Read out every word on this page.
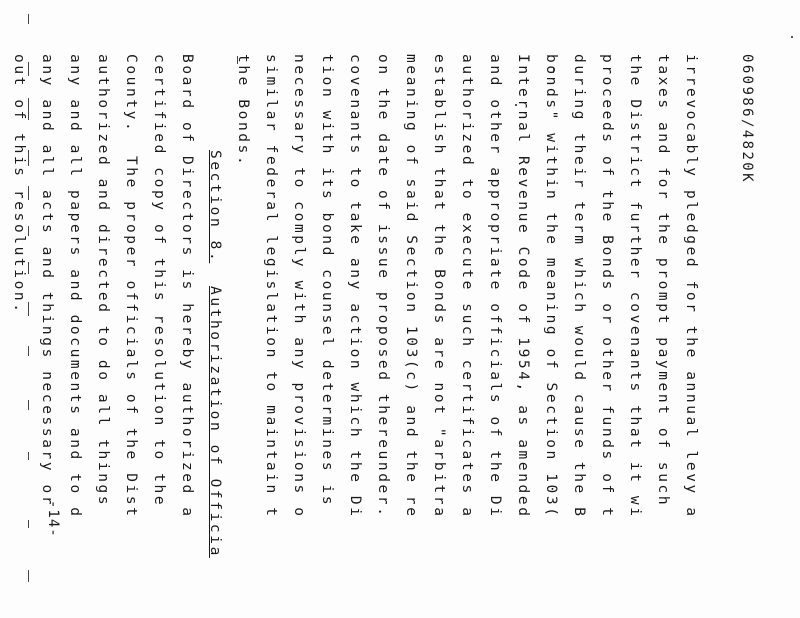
060986/4820K
irrevocably pledged for the annual levy a
taxes and for the prompt payment of such
the District further covenants that it wi
proceeds of the Bonds or other funds of t
during their term which would cause the B
bonds" within the meaning of Section 103(
Internal Revenue Code of 1954, as amended
and other appropriate officials of the Di
authorized to execute such certificates a
establish that the Bonds are not "arbitra
meaning of said Section 103(c) and the re
on the date of issue proposed thereunder.
covenants to take any action which the Di
tion with its bond counsel determines is
necessary to comply with any provisions o
similar federal legislation to maintain t
the Bonds.
Section 8.  Authorization of Officia
Board of Directors is hereby authorized a
certified copy of this resolution to the
County.  The proper officials of the Dist
authorized and directed to do all things
any and all papers and documents and to d
any and all acts and things necessary or
out of this resolution.
-14-
